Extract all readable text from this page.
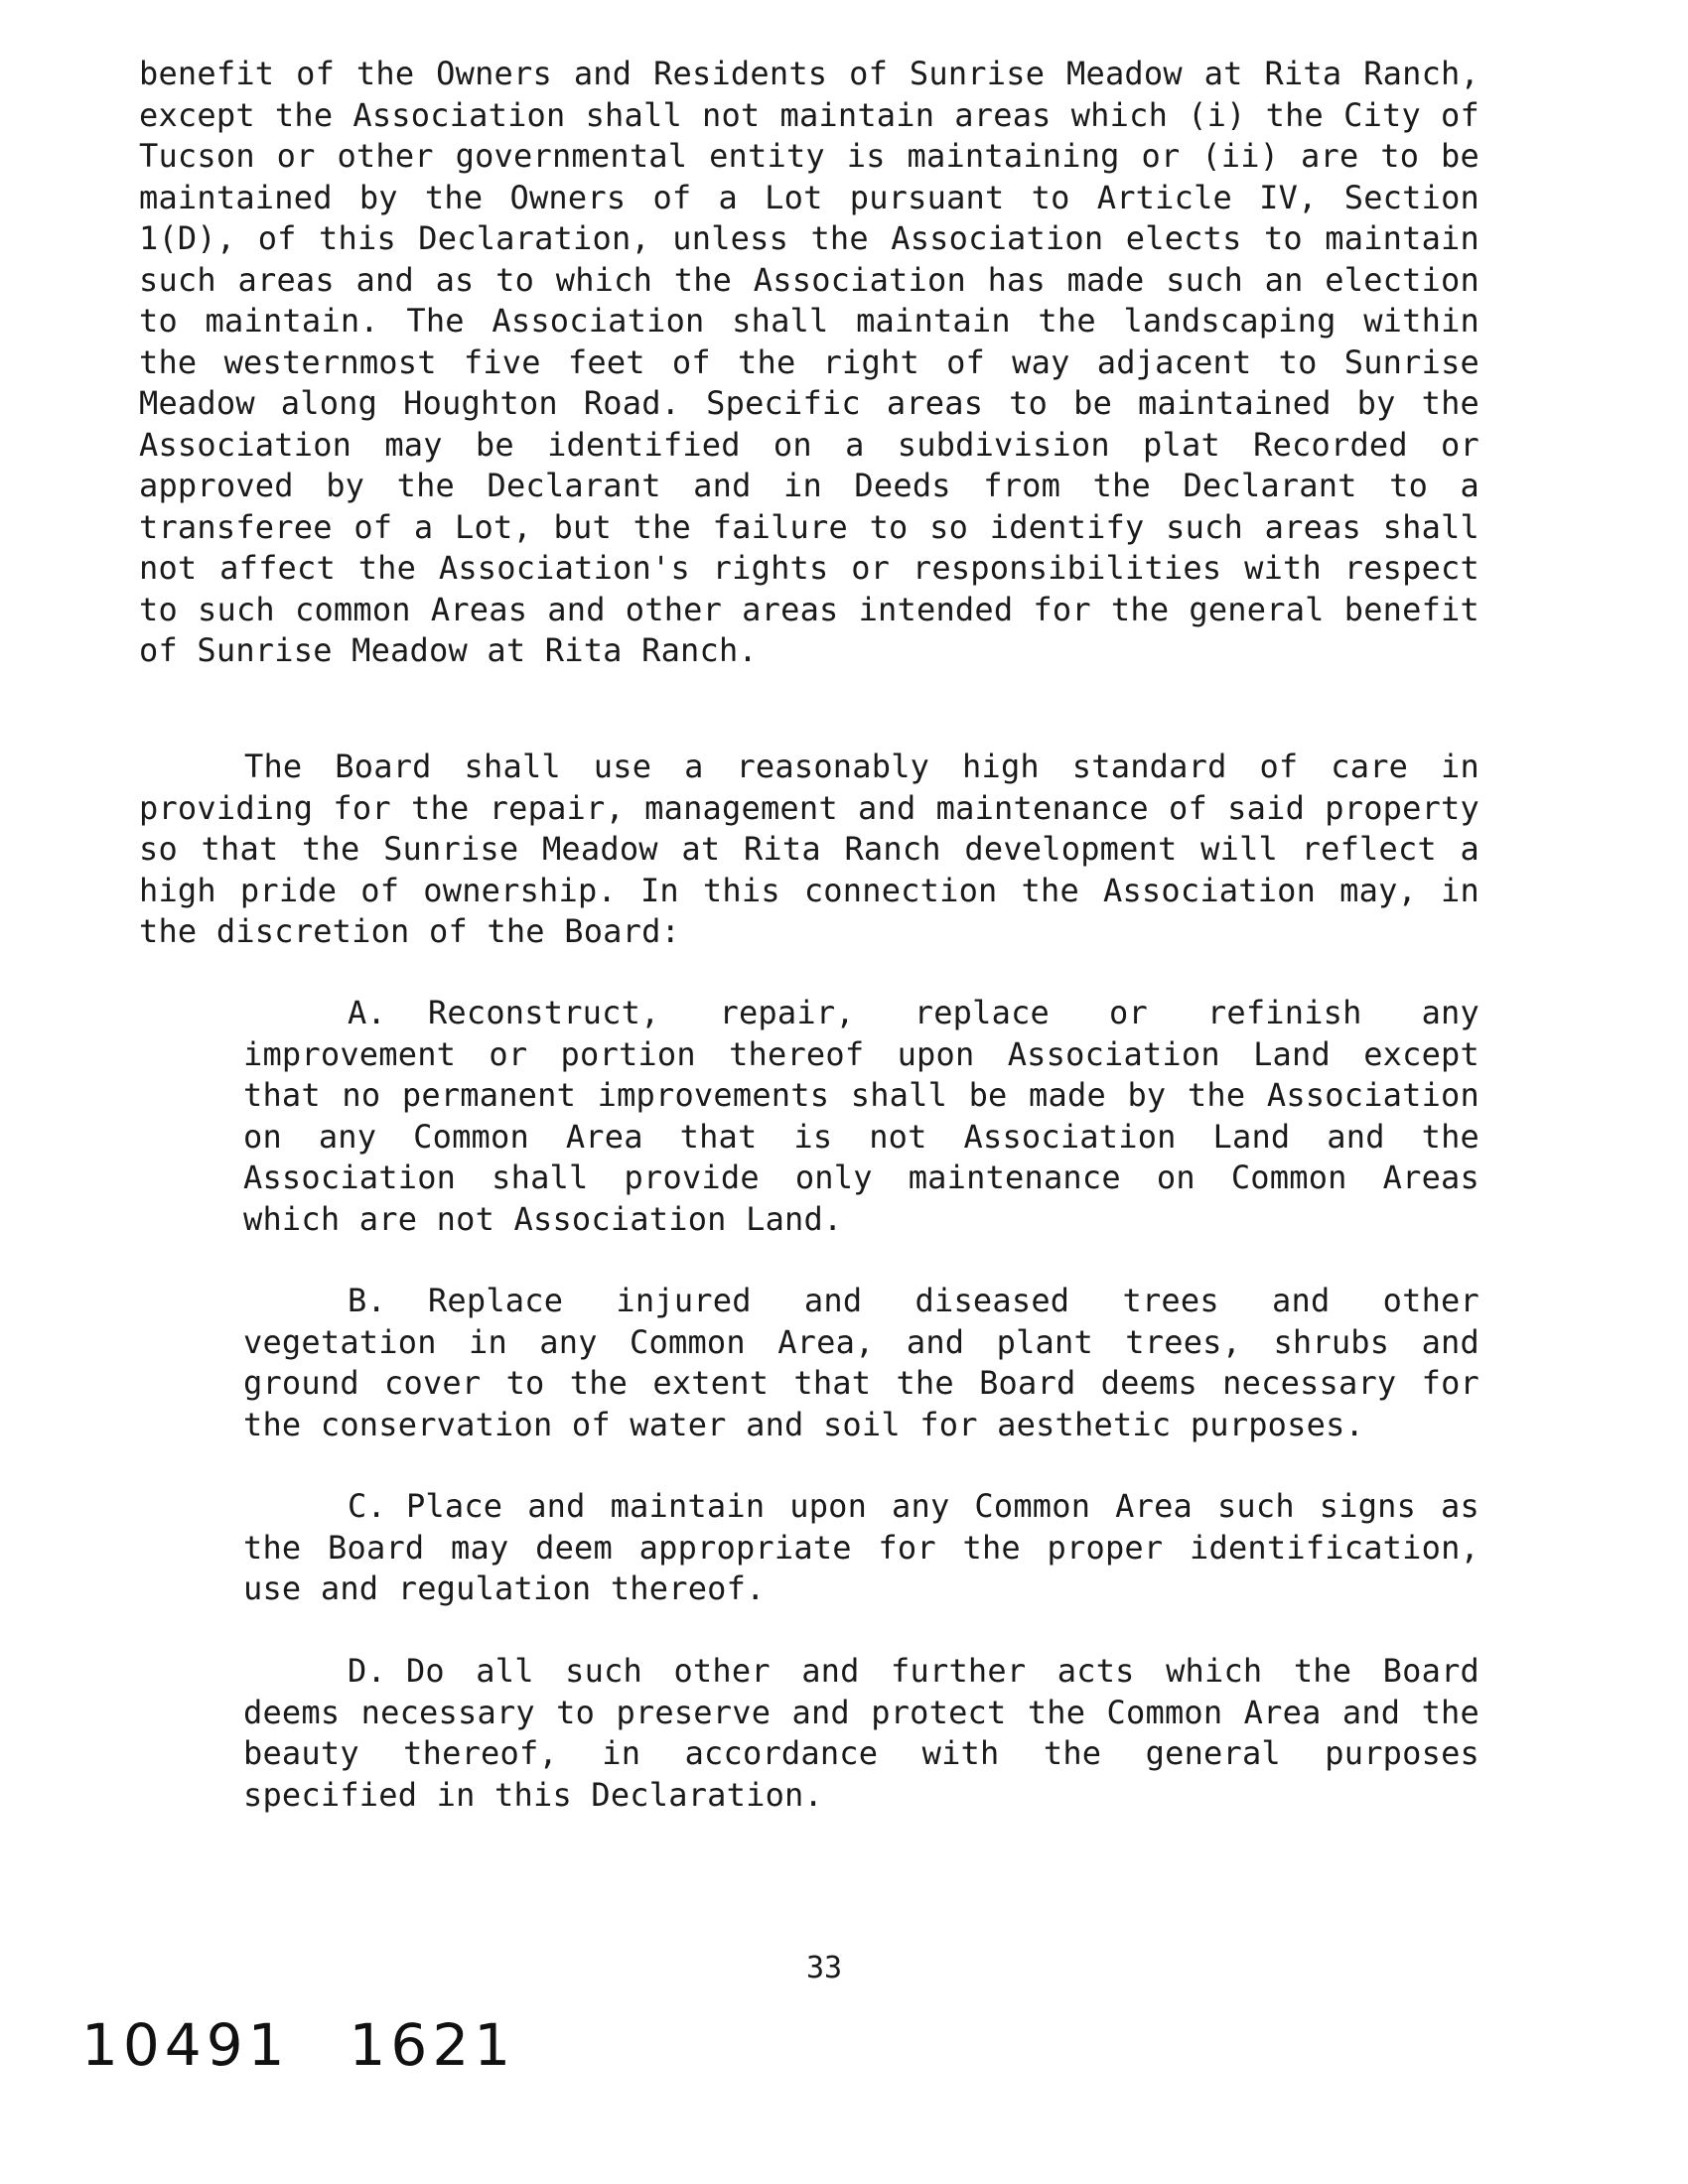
benefit of the Owners and Residents of Sunrise Meadow at Rita Ranch, except the Association shall not maintain areas which (i) the City of Tucson or other governmental entity is maintaining or (ii) are to be maintained by the Owners of a Lot pursuant to Article IV, Section 1(D), of this Declaration, unless the Association elects to maintain such areas and as to which the Association has made such an election to maintain. The Association shall maintain the landscaping within the westernmost five feet of the right of way adjacent to Sunrise Meadow along Houghton Road. Specific areas to be maintained by the Association may be identified on a subdivision plat Recorded or approved by the Declarant and in Deeds from the Declarant to a transferee of a Lot, but the failure to so identify such areas shall not affect the Association's rights or responsibilities with respect to such common Areas and other areas intended for the general benefit of Sunrise Meadow at Rita Ranch.

The Board shall use a reasonably high standard of care in providing for the repair, management and maintenance of said property so that the Sunrise Meadow at Rita Ranch development will reflect a high pride of ownership. In this connection the Association may, in the discretion of the Board:

A. Reconstruct, repair, replace or refinish any improvement or portion thereof upon Association Land except that no permanent improvements shall be made by the Association on any Common Area that is not Association Land and the Association shall provide only maintenance on Common Areas which are not Association Land.

B. Replace injured and diseased trees and other vegetation in any Common Area, and plant trees, shrubs and ground cover to the extent that the Board deems necessary for the conservation of water and soil for aesthetic purposes.

C. Place and maintain upon any Common Area such signs as the Board may deem appropriate for the proper identification, use and regulation thereof.

D. Do all such other and further acts which the Board deems necessary to preserve and protect the Common Area and the beauty thereof, in accordance with the general purposes specified in this Declaration.

33
10491 1621
